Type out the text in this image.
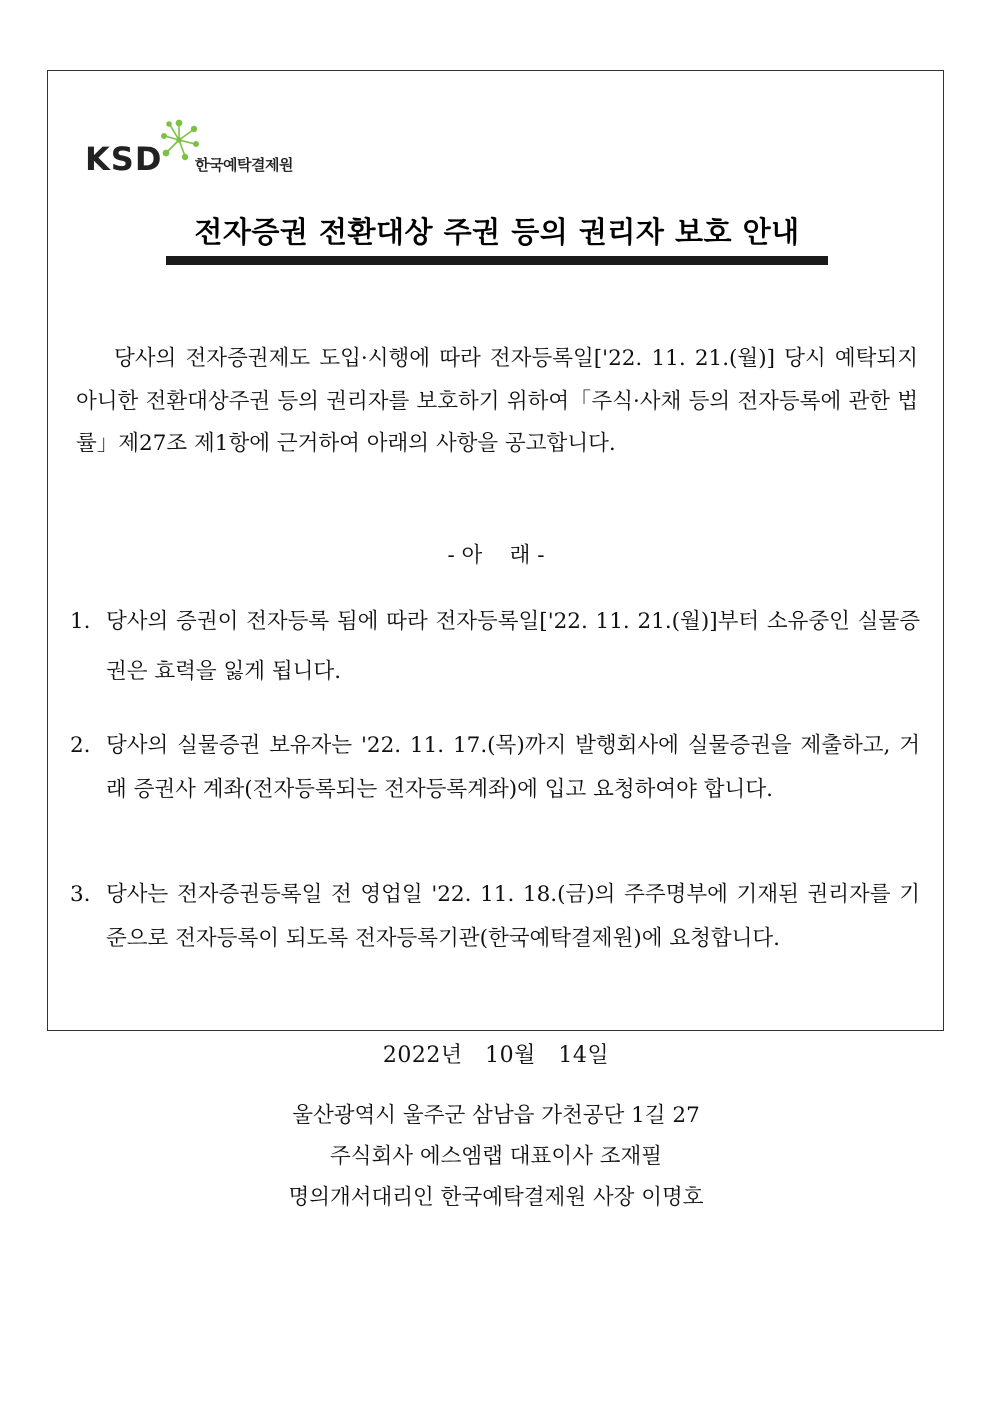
KSD 한국예탁결제원
전자증권 전환대상 주권 등의 권리자 보호 안내

당사의 전자증권제도 도입·시행에 따라 전자등록일['22. 11. 21.(월)] 당시 예탁되지 아니한 전환대상주권 등의 권리자를 보호하기 위하여「주식·사채 등의 전자등록에 관한 법률」제27조 제1항에 근거하여 아래의 사항을 공고합니다.

- 아    래 -
1. 당사의 증권이 전자등록 됨에 따라 전자등록일['22. 11. 21.(월)]부터 소유중인 실물증권은 효력을 잃게 됩니다.
2. 당사의 실물증권 보유자는 '22. 11. 17.(목)까지 발행회사에 실물증권을 제출하고, 거래 증권사 계좌(전자등록되는 전자등록계좌)에 입고 요청하여야 합니다.
3. 당사는 전자증권등록일 전 영업일 '22. 11. 18.(금)의 주주명부에 기재된 권리자를 기준으로 전자등록이 되도록 전자등록기관(한국예탁결제원)에 요청합니다.
2022년   10월   14일
울산광역시 울주군 삼남읍 가천공단 1길 27
주식회사 에스엠랩 대표이사 조재필
명의개서대리인 한국예탁결제원 사장 이명호
